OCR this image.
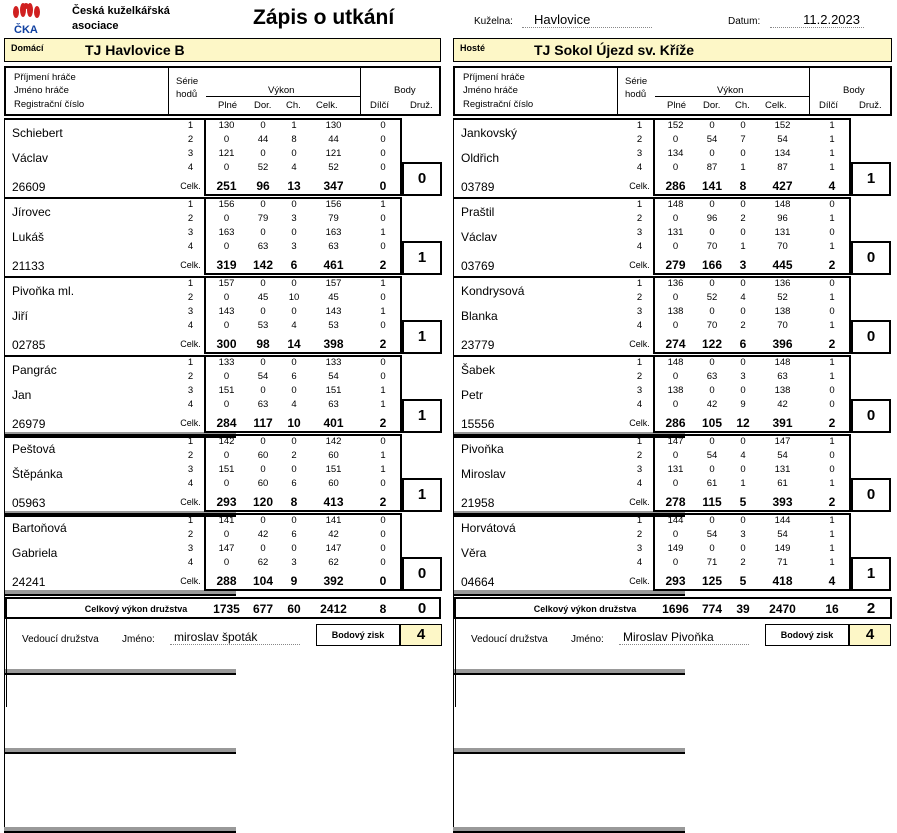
ČKA
Česká kuželkářská
asociace	Zápis o utkání	Kuželna:	Havlovice	Datum:	11.2.2023
Domácí	TJ Havlovice B	Hosté	TJ Sokol Újezd sv. Kříže
Příjmení hráče
Jméno hráče
Registrační číslo
Série
hodů	Výkon
Plné Dor. Ch. Celk.
Body
Dílčí Druž.
Schiebert
Václav
26609
1	130	0	1	130	0
2	0	44	8	44	0
3	121	0	0	121	0
4	0	52	4	52	0
Celk.	251	96	13	347	0	0
Jírovec
Lukáš
21133
1	156	0	0	156	1
2	0	79	3	79	0
3	163	0	0	163	1
4	0	63	3	63	0
Celk.	319	142	6	461	2	1
Pivoňka ml.
Jiří
02785
1	157	0	0	157	1
2	0	45	10	45	0
3	143	0	0	143	1
4	0	53	4	53	0
Celk.	300	98	14	398	2	1
Pangrác
Jan
26979
1	133	0	0	133	0
2	0	54	6	54	0
3	151	0	0	151	1
4	0	63	4	63	1
Celk.	284	117	10	401	2	1
Peštová
Štěpánka
05963
1	142	0	0	142	0
2	0	60	2	60	1
3	151	0	0	151	1
4	0	60	6	60	0
Celk.	293	120	8	413	2	1
Bartoňová
Gabriela
24241
1	141	0	0	141	0
2	0	42	6	42	0
3	147	0	0	147	0
4	0	62	3	62	0
Celk.	288	104	9	392	0	0
Celkový výkon družstva	1735	677	60	2412	8	0
Vedoucí družstva Jméno:	miroslav špoták	Bodový zisk	4
Příjmení hráče
Jméno hráče
Registrační číslo
Série
hodů	Výkon
Plné Dor. Ch. Celk.
Body
Dílčí Druž.
Jankovský
Oldřich
03789
1	152	0	0	152	1
2	0	54	7	54	1
3	134	0	0	134	1
4	0	87	1	87	1
Celk.	286	141	8	427	4	1
Praštil
Václav
03769
1	148	0	0	148	0
2	0	96	2	96	1
3	131	0	0	131	0
4	0	70	1	70	1
Celk.	279	166	3	445	2	0
Kondrysová
Blanka
23779
1	136	0	0	136	0
2	0	52	4	52	1
3	138	0	0	138	0
4	0	70	2	70	1
Celk.	274	122	6	396	2	0
Šabek
Petr
15556
1	148	0	0	148	1
2	0	63	3	63	1
3	138	0	0	138	0
4	0	42	9	42	0
Celk.	286	105	12	391	2	0
Pivoňka
Miroslav
21958
1	147	0	0	147	1
2	0	54	4	54	0
3	131	0	0	131	0
4	0	61	1	61	1
Celk.	278	115	5	393	2	0
Horvátová
Věra
04664
1	144	0	0	144	1
2	0	54	3	54	1
3	149	0	0	149	1
4	0	71	2	71	1
Celk.	293	125	5	418	4	1
Celkový výkon družstva	1696	774	39	2470	16	2
Vedoucí družstva Jméno:	Miroslav Pivoňka	Bodový zisk	4
